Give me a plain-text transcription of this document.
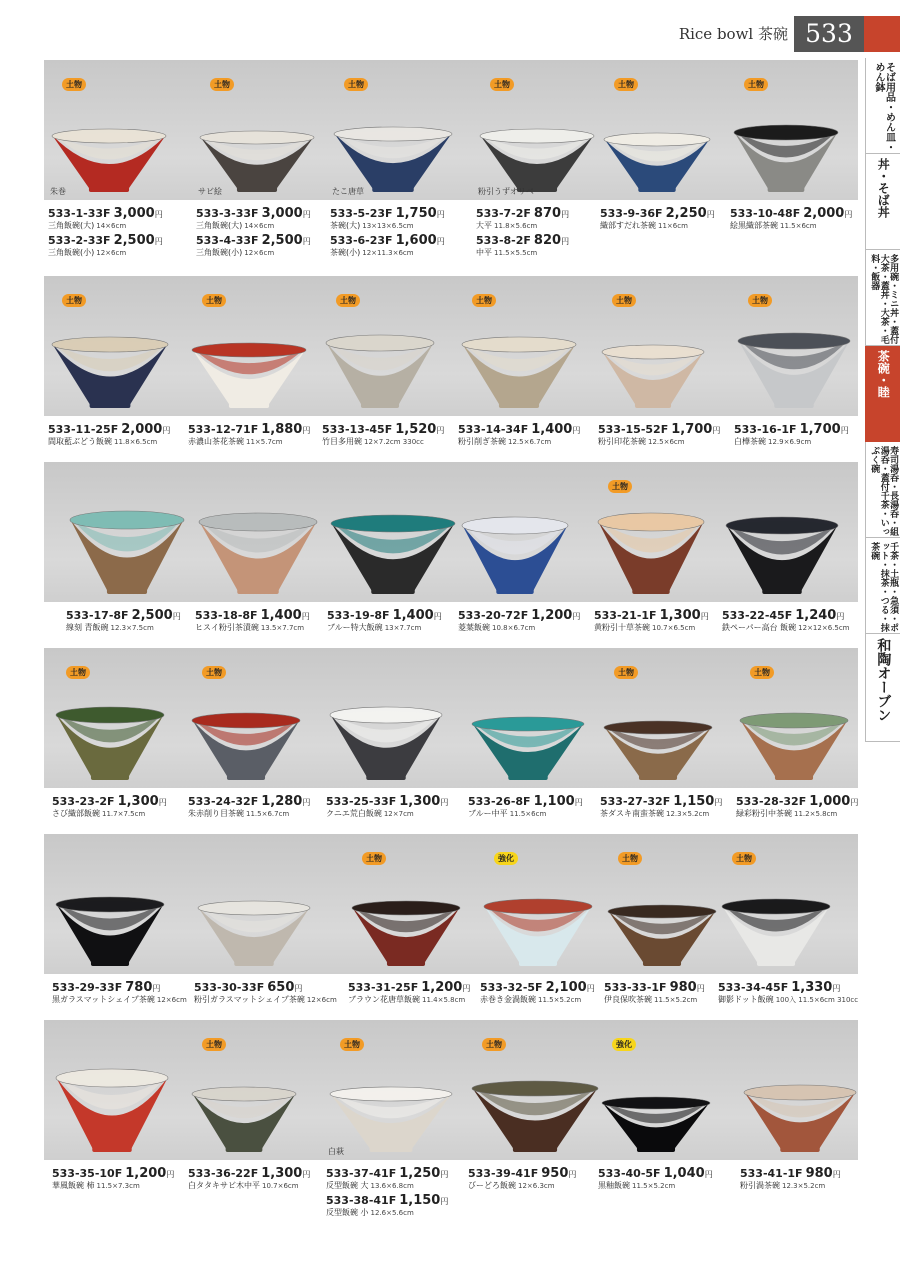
Rice bowl 茶碗 533
そば用品・めん皿・めん鉢
丼・そば丼
多用碗・ミニ丼・蓋付大茶・蓋丼・大茶・毛料・飯器
茶碗・睦
寿司湯呑・長湯呑・組湯呑・蓋付千茶・いっぷく碗
千茶・土瓶・急須・ポット・抹茶・つる・抹茶碗
和陶オーブン
土物
朱巻
533-1-33F 3,000円
三角飯碗(大) 14×6cm
533-2-33F 2,500円
三角飯碗(小) 12×6cm
土物
サビ絵
533-3-33F 3,000円
三角飯碗(大) 14×6cm
533-4-33F 2,500円
三角飯碗(小) 12×6cm
土物
たこ唐草
533-5-23F 1,750円
茶碗(大) 13×13×6.5cm
533-6-23F 1,600円
茶碗(小) 12×11.3×6cm
土物
粉引うずオリベ
533-7-2F 870円
大平 11.8×5.6cm
533-8-2F 820円
中平 11.5×5.5cm
土物
533-9-36F 2,250円
織部すだれ茶碗 11×6cm
土物
533-10-48F 2,000円
絵黒織部茶碗 11.5×6cm
土物
533-11-25F 2,000円
間取藍ぶどう飯碗 11.8×6.5cm
土物
533-12-71F 1,880円
赤濃山茶花茶碗 11×5.7cm
土物
533-13-45F 1,520円
竹目多用碗 12×7.2cm 330cc
土物
533-14-34F 1,400円
粉引削ぎ茶碗 12.5×6.7cm
土物
533-15-52F 1,700円
粉引印花茶碗 12.5×6cm
土物
533-16-1F 1,700円
白樺茶碗 12.9×6.9cm
533-17-8F 2,500円
線刻 青飯碗 12.3×7.5cm
533-18-8F 1,400円
ヒスイ粉引茶漬碗 13.5×7.7cm
533-19-8F 1,400円
ブルー特大飯碗 13×7.7cm
533-20-72F 1,200円
菱葉飯碗 10.8×6.7cm
土物
533-21-1F 1,300円
黄粉引十草茶碗 10.7×6.5cm
533-22-45F 1,240円
鉄ペーパー高台 飯碗 12×12×6.5cm
土物
533-23-2F 1,300円
さび織部飯碗 11.7×7.5cm
土物
533-24-32F 1,280円
朱赤削り目茶碗 11.5×6.7cm
533-25-33F 1,300円
クニエ荒白飯碗 12×7cm
533-26-8F 1,100円
ブルー中平 11.5×6cm
土物
533-27-32F 1,150円
茶ダスキ南蛮茶碗 12.3×5.2cm
土物
533-28-32F 1,000円
緑彩粉引中茶碗 11.2×5.8cm
533-29-33F 780円
黒ガラスマットシェイプ茶碗 12×6cm
533-30-33F 650円
粉引ガラスマットシェイプ茶碗 12×6cm
土物
533-31-25F 1,200円
ブラウン花唐草飯碗 11.4×5.8cm
強化
533-32-5F 2,100円
赤巻き金渦飯碗 11.5×5.2cm
土物
533-33-1F 980円
伊良保吹茶碗 11.5×5.2cm
土物
533-34-45F 1,330円
御影ドット飯碗 100入 11.5×6cm 310cc
533-35-10F 1,200円
華風飯碗 柿 11.5×7.3cm
土物
533-36-22F 1,300円
白タタキサビ木中平 10.7×6cm
土物
白萩
533-37-41F 1,250円
反型飯碗 大 13.6×6.8cm
533-38-41F 1,150円
反型飯碗 小 12.6×5.6cm
土物
533-39-41F 950円
びーどろ飯碗 12×6.3cm
強化
533-40-5F 1,040円
黒釉飯碗 11.5×5.2cm
533-41-1F 980円
粉引渦茶碗 12.3×5.2cm
